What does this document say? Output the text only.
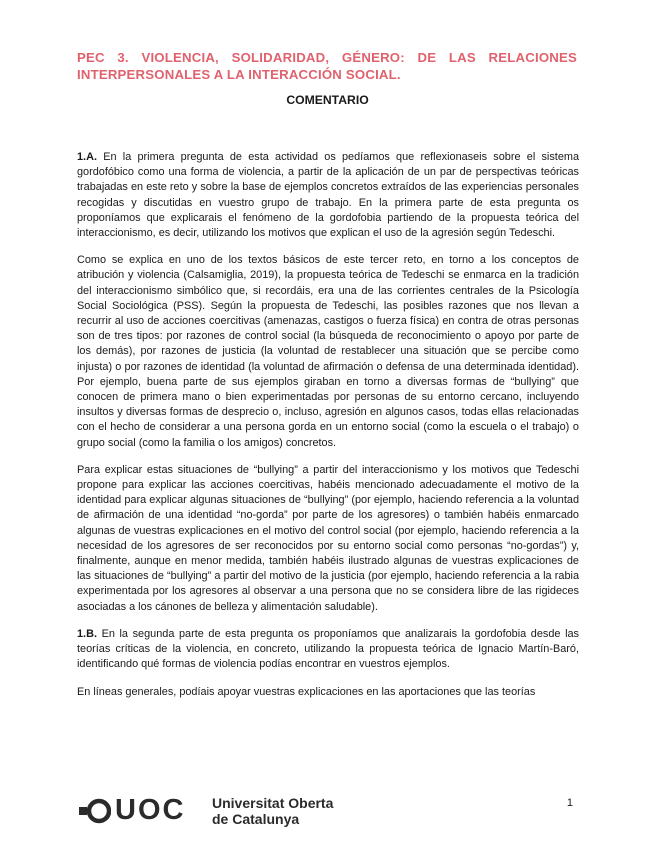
PEC 3. VIOLENCIA, SOLIDARIDAD, GÉNERO: DE LAS RELACIONES INTERPERSONALES A LA INTERACCIÓN SOCIAL.
COMENTARIO

1.A. En la primera pregunta de esta actividad os pedíamos que reflexionaseis sobre el sistema gordofóbico como una forma de violencia, a partir de la aplicación de un par de perspectivas teóricas trabajadas en este reto y sobre la base de ejemplos concretos extraídos de las experiencias personales recogidas y discutidas en vuestro grupo de trabajo. En la primera parte de esta pregunta os proponíamos que explicarais el fenómeno de la gordofobia partiendo de la propuesta teórica del interaccionismo, es decir, utilizando los motivos que explican el uso de la agresión según Tedeschi.

Como se explica en uno de los textos básicos de este tercer reto, en torno a los conceptos de atribución y violencia (Calsamiglia, 2019), la propuesta teórica de Tedeschi se enmarca en la tradición del interaccionismo simbólico que, si recordáis, era una de las corrientes centrales de la Psicología Social Sociológica (PSS). Según la propuesta de Tedeschi, las posibles razones que nos llevan a recurrir al uso de acciones coercitivas (amenazas, castigos o fuerza física) en contra de otras personas son de tres tipos: por razones de control social (la búsqueda de reconocimiento o apoyo por parte de los demás), por razones de justicia (la voluntad de restablecer una situación que se percibe como injusta) o por razones de identidad (la voluntad de afirmación o defensa de una determinada identidad). Por ejemplo, buena parte de sus ejemplos giraban en torno a diversas formas de “bullying” que conocen de primera mano o bien experimentadas por personas de su entorno cercano, incluyendo insultos y diversas formas de desprecio o, incluso, agresión en algunos casos, todas ellas relacionadas con el hecho de considerar a una persona gorda en un entorno social (como la escuela o el trabajo) o grupo social (como la familia o los amigos) concretos.

Para explicar estas situaciones de “bullying” a partir del interaccionismo y los motivos que Tedeschi propone para explicar las acciones coercitivas, habéis mencionado adecuadamente el motivo de la identidad para explicar algunas situaciones de “bullying” (por ejemplo, haciendo referencia a la voluntad de afirmación de una identidad “no-gorda” por parte de los agresores) o también habéis enmarcado algunas de vuestras explicaciones en el motivo del control social (por ejemplo, haciendo referencia a la necesidad de los agresores de ser reconocidos por su entorno social como personas “no-gordas”) y, finalmente, aunque en menor medida, también habéis ilustrado algunas de vuestras explicaciones de las situaciones de “bullying” a partir del motivo de la justicia (por ejemplo, haciendo referencia a la rabia experimentada por los agresores al observar a una persona que no se considera libre de las rigideces asociadas a los cánones de belleza y alimentación saludable).

1.B. En la segunda parte de esta pregunta os proponíamos que analizarais la gordofobia desde las teorías críticas de la violencia, en concreto, utilizando la propuesta teórica de Ignacio Martín-Baró, identificando qué formas de violencia podías encontrar en vuestros ejemplos.

En líneas generales, podíais apoyar vuestras explicaciones en las aportaciones que las teorías

UOC Universitat Oberta
de Catalunya
1
